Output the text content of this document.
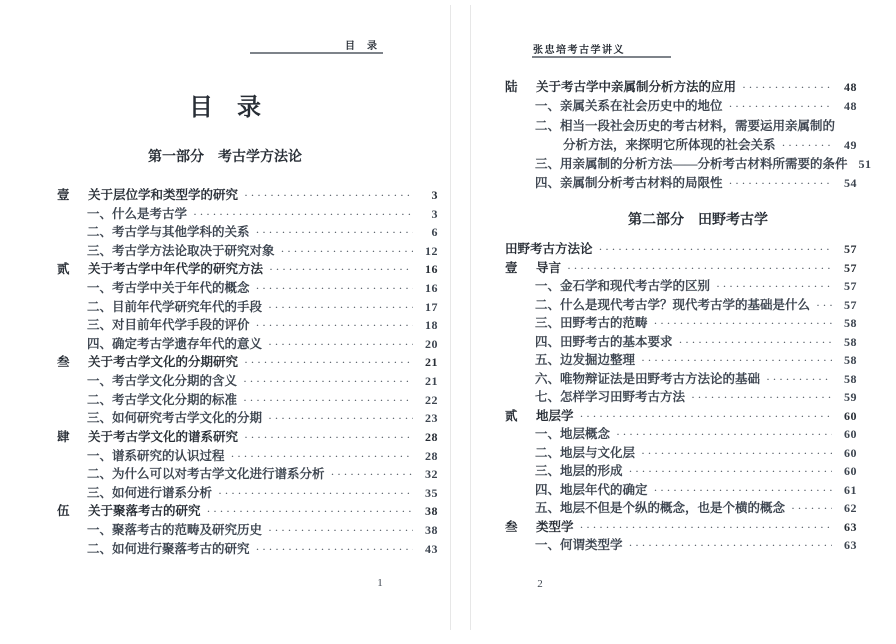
目　录
目　录
第一部分　考古学方法论
壹	关于层位学和类型学的研究 ·····	3
一、 什么是考古学 ·····	3
二、 考古学与其他学科的关系 ·····	6
三、 考古学方法论取决于研究对象 ·····	12
贰	关于考古学中年代学的研究方法 ·····	16
一、 考古学中关于年代的概念 ·····	16
二、 目前年代学研究年代的手段 ·····	17
三、 对目前年代学手段的评价 ·····	18
四、 确定考古学遗存年代的意义 ·····	20
叁	关于考古学文化的分期研究 ·····	21
一、 考古学文化分期的含义 ·····	21
二、 考古学文化分期的标准 ·····	22
三、 如何研究考古学文化的分期 ·····	23
肆	关于考古学文化的谱系研究 ·····	28
一、 谱系研究的认识过程 ·····	28
二、 为什么可以对考古学文化进行谱系分析 ·····	32
三、 如何进行谱系分析 ·····	35
伍	关于聚落考古的研究 ·····	38
一、 聚落考古的范畴及研究历史 ·····	38
二、 如何进行聚落考古的研究 ·····	43
1
张忠培考古学讲义
陆	关于考古学中亲属制分析方法的应用 ·····	48
一、 亲属关系在社会历史中的地位 ·····	48
二、 相当一段社会历史的考古材料，需要运用亲属制的
分析方法，来探明它所体现的社会关系 ·····	49
三、 用亲属制的分析方法——分析考古材料所需要的条件 51
四、 亲属制分析考古材料的局限性 ·····	54
第二部分　田野考古学
田野考古方法论 ·····	57
壹	导言 ·····	57
一、 金石学和现代考古学的区别 ·····	57
二、 什么是现代考古学？现代考古学的基础是什么 ·····	57
三、 田野考古的范畴 ·····	58
四、 田野考古的基本要求 ·····	58
五、 边发掘边整理 ·····	58
六、 唯物辩证法是田野考古方法论的基础 ·····	58
七、 怎样学习田野考古方法 ·····	59
贰	地层学 ·····	60
一、 地层概念 ·····	60
二、 地层与文化层 ·····	60
三、 地层的形成 ·····	60
四、 地层年代的确定 ·····	61
五、 地层不但是个纵的概念，也是个横的概念 ·····	62
叁	类型学 ·····	63
一、 何谓类型学 ·····	63
2
